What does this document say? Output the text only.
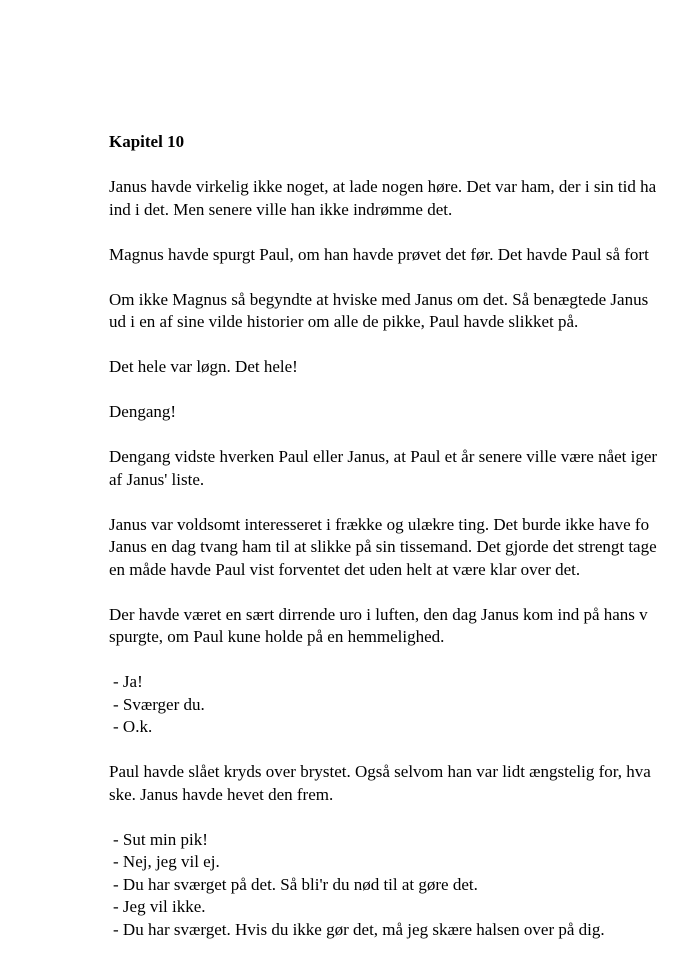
Kapitel 10
Janus havde virkelig ikke noget, at lade nogen høre. Det var ham, der i sin tid ha
ind i det. Men senere ville han ikke indrømme det.
Magnus havde spurgt Paul, om han havde prøvet det før. Det havde Paul så fort
Om ikke Magnus så begyndte at hviske med Janus om det. Så benægtede Janus
ud i en af sine vilde historier om alle de pikke, Paul havde slikket på.
Det hele var løgn. Det hele!
Dengang!
Dengang vidste hverken Paul eller Janus, at Paul et år senere ville være nået iger
af Janus' liste.
Janus var voldsomt interesseret i frække og ulækre ting. Det burde ikke have fo
Janus en dag tvang ham til at slikke på sin tissemand. Det gjorde det strengt tage
en måde havde Paul vist forventet det uden helt at være klar over det.
Der havde været en sært dirrende uro i luften, den dag Janus kom ind på hans v
spurgte, om Paul kune holde på en hemmelighed.
- Ja!
- Sværger du.
- O.k.
Paul havde slået kryds over brystet. Også selvom han var lidt ængstelig for, hva
ske. Janus havde hevet den frem.
- Sut min pik!
- Nej, jeg vil ej.
- Du har sværget på det. Så bli'r du nød til at gøre det.
- Jeg vil ikke.
- Du har sværget. Hvis du ikke gør det, må jeg skære halsen over på dig.
